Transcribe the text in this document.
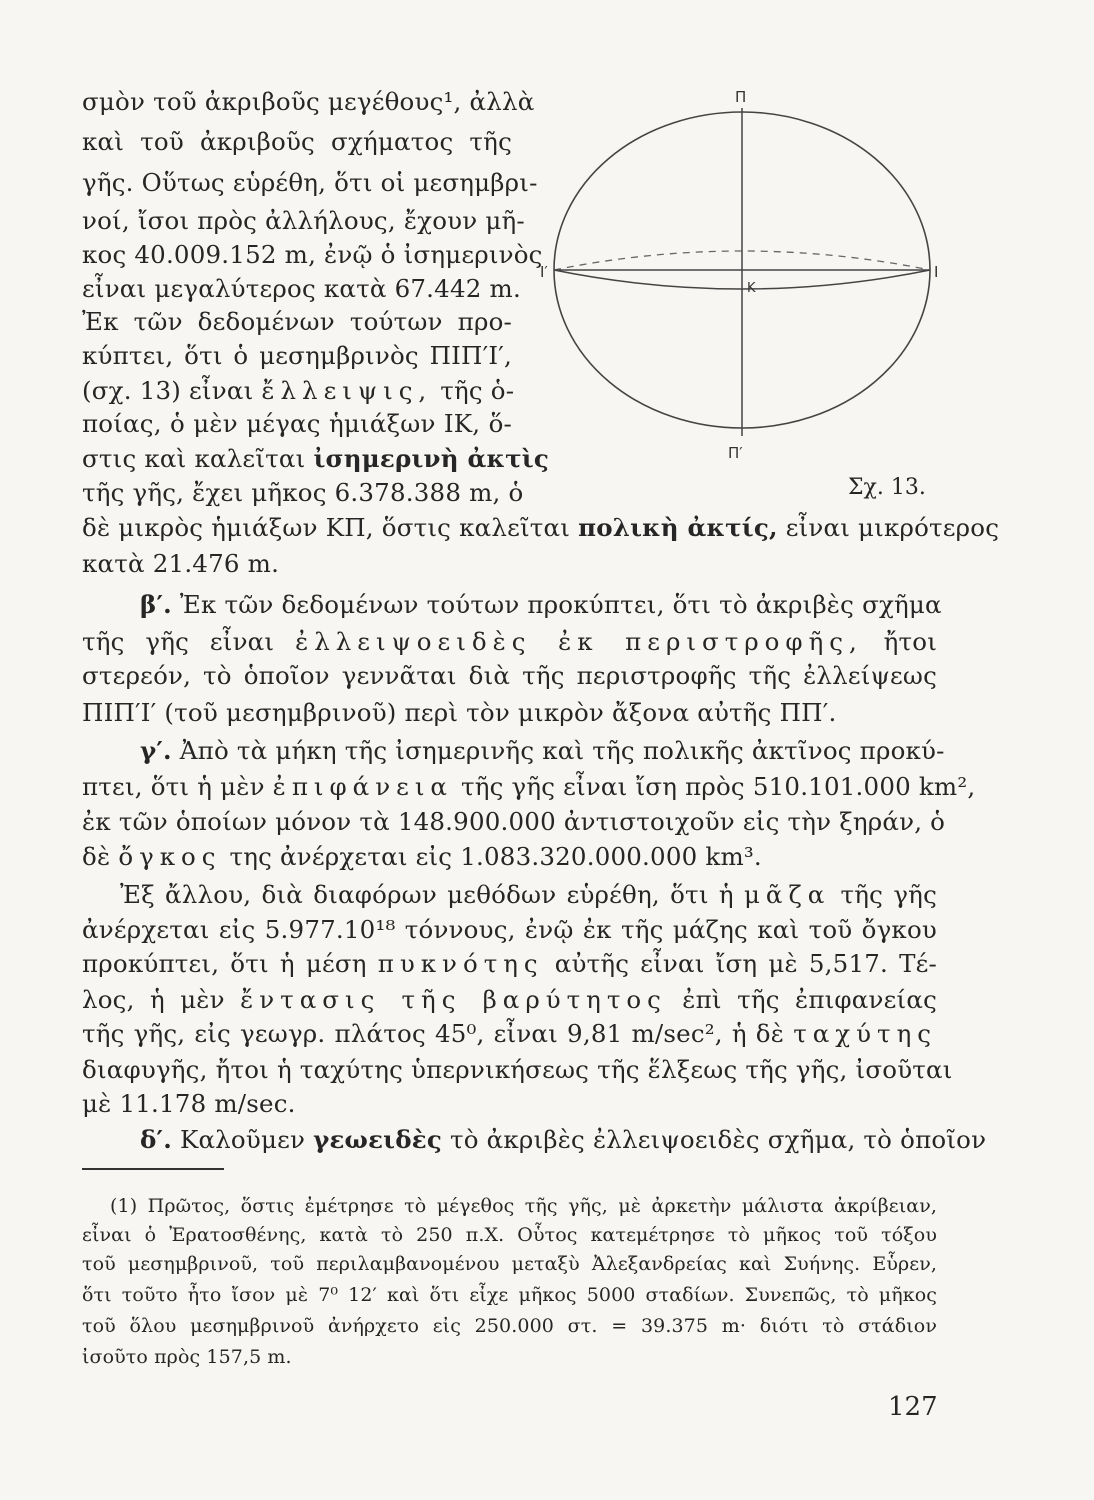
Π
Π′
Ι′	Ι
Κ
Σχ. 13.
σμὸν τοῦ ἀκριβοῦς μεγέθους¹, ἀλλὰ
καὶ τοῦ ἀκριβοῦς σχήματος τῆς
γῆς. Οὕτως εὑρέθη, ὅτι οἱ μεσημβρι-
νοί, ἴσοι πρὸς ἀλλήλους, ἔχουν μῆ-
κος 40.009.152 m, ἐνῷ ὁ ἰσημερινὸς
εἶναι μεγαλύτερος κατὰ 67.442 m.
Ἐκ τῶν δεδομένων τούτων προ-
κύπτει, ὅτι ὁ μεσημβρινὸς ΠΙΠ′Ι′,
(σχ. 13) εἶναι ἔλλειψις, τῆς ὁ-
ποίας, ὁ μὲν μέγας ἡμιάξων ΙΚ, ὅ-
στις καὶ καλεῖται ἰσημερινὴ ἀκτὶς
τῆς γῆς, ἔχει μῆκος 6.378.388 m, ὁ
δὲ μικρὸς ἡμιάξων ΚΠ, ὅστις καλεῖται πολικὴ ἀκτίς, εἶναι μικρότερος
κατὰ 21.476 m.
β′. Ἐκ τῶν δεδομένων τούτων προκύπτει, ὅτι τὸ ἀκριβὲς σχῆμα
τῆς γῆς εἶναι ἐλλειψοειδὲς ἐκ περιστροφῆς, ἤτοι
στερεόν, τὸ ὁποῖον γεννᾶται διὰ τῆς περιστροφῆς τῆς ἐλλείψεως
ΠΙΠ′Ι′ (τοῦ μεσημβρινοῦ) περὶ τὸν μικρὸν ἄξονα αὐτῆς ΠΠ′.
γ′. Ἀπὸ τὰ μήκη τῆς ἰσημερινῆς καὶ τῆς πολικῆς ἀκτῖνος προκύ-
πτει, ὅτι ἡ μὲν ἐπιφάνεια τῆς γῆς εἶναι ἴση πρὸς 510.101.000 km²,
ἐκ τῶν ὁποίων μόνον τὰ 148.900.000 ἀντιστοιχοῦν εἰς τὴν ξηράν, ὁ
δὲ ὄγκος της ἀνέρχεται εἰς 1.083.320.000.000 km³.
Ἐξ ἄλλου, διὰ διαφόρων μεθόδων εὑρέθη, ὅτι ἡ μᾶζα τῆς γῆς
ἀνέρχεται εἰς 5.977.10¹⁸ τόννους, ἐνῷ ἐκ τῆς μάζης καὶ τοῦ ὄγκου
προκύπτει, ὅτι ἡ μέση πυκνότης αὐτῆς εἶναι ἴση μὲ 5,517. Τέ-
λος, ἡ μὲν ἔντασις τῆς βαρύτητος ἐπὶ τῆς ἐπιφανείας
τῆς γῆς, εἰς γεωγρ. πλάτος 45⁰, εἶναι 9,81 m/sec², ἡ δὲ ταχύτης
διαφυγῆς, ἤτοι ἡ ταχύτης ὑπερνικήσεως τῆς ἕλξεως τῆς γῆς, ἰσοῦται
μὲ 11.178 m/sec.
δ′. Καλοῦμεν γεωειδὲς τὸ ἀκριβὲς ἐλλειψοειδὲς σχῆμα, τὸ ὁποῖον
(1) Πρῶτος, ὅστις ἐμέτρησε τὸ μέγεθος τῆς γῆς, μὲ ἀρκετὴν μάλιστα ἀκρίβειαν,
εἶναι ὁ Ἐρατοσθένης, κατὰ τὸ 250 π.Χ. Οὗτος κατεμέτρησε τὸ μῆκος τοῦ τόξου
τοῦ μεσημβρινοῦ, τοῦ περιλαμβανομένου μεταξὺ Ἀλεξανδρείας καὶ Συήνης. Εὗρεν,
ὅτι τοῦτο ἦτο ἴσον μὲ 7⁰ 12′ καὶ ὅτι εἶχε μῆκος 5000 σταδίων. Συνεπῶς, τὸ μῆκος
τοῦ ὅλου μεσημβρινοῦ ἀνήρχετο εἰς 250.000 στ. = 39.375 m· διότι τὸ στάδιον
ἰσοῦτο πρὸς 157,5 m.
127
